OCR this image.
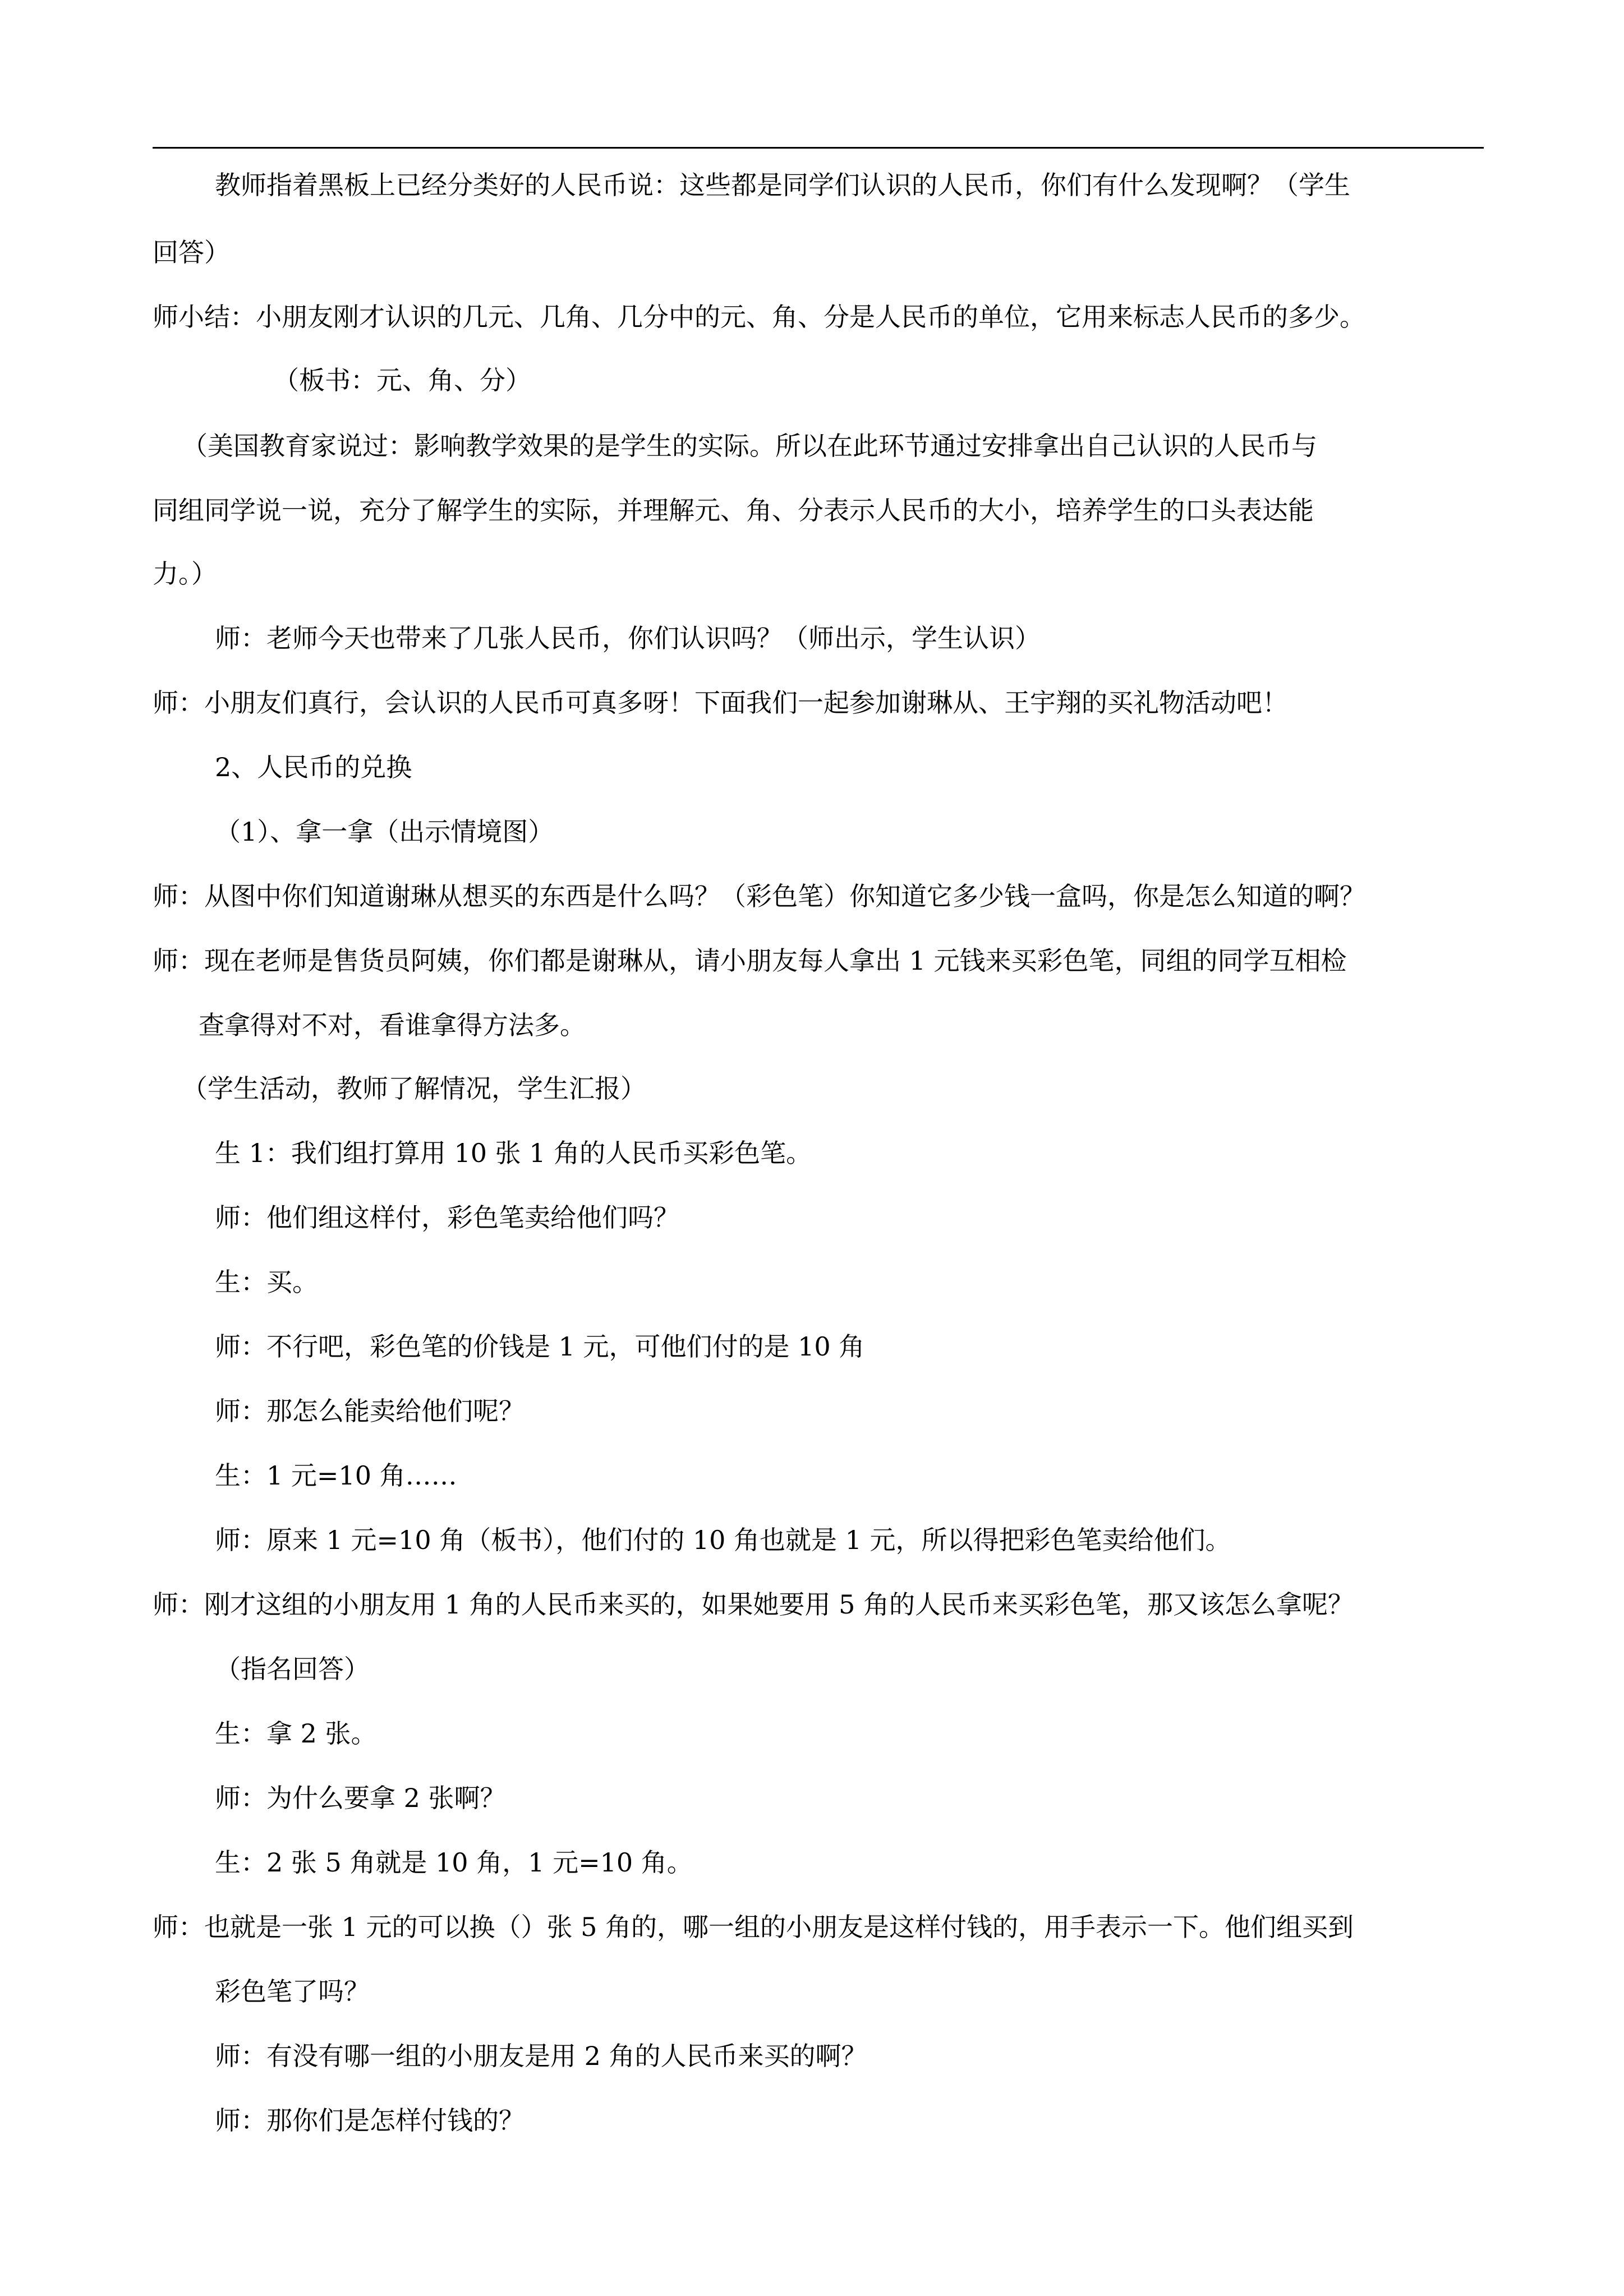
教师指着黑板上已经分类好的人民币说：这些都是同学们认识的人民币，你们有什么发现啊？（学生
回答）
师小结：小朋友刚才认识的几元、几角、几分中的元、角、分是人民币的单位，它用来标志人民币的多少。
（板书：元、角、分）
（美国教育家说过：影响教学效果的是学生的实际。所以在此环节通过安排拿出自己认识的人民币与
同组同学说一说，充分了解学生的实际，并理解元、角、分表示人民币的大小，培养学生的口头表达能
力。）
师：老师今天也带来了几张人民币，你们认识吗？（师出示，学生认识）
师：小朋友们真行，会认识的人民币可真多呀！下面我们一起参加谢琳从、王宇翔的买礼物活动吧！
2、人民币的兑换
（1）、拿一拿（出示情境图）
师：从图中你们知道谢琳从想买的东西是什么吗？（彩色笔）你知道它多少钱一盒吗，你是怎么知道的啊？
师：现在老师是售货员阿姨，你们都是谢琳从，请小朋友每人拿出 1 元钱来买彩色笔，同组的同学互相检
查拿得对不对，看谁拿得方法多。
（学生活动，教师了解情况，学生汇报）
生 1：我们组打算用 10 张 1 角的人民币买彩色笔。
师：他们组这样付，彩色笔卖给他们吗？
生：买。
师：不行吧，彩色笔的价钱是 1 元，可他们付的是 10 角
师：那怎么能卖给他们呢？
生：1 元=10 角……
师：原来 1 元=10 角（板书），他们付的 10 角也就是 1 元，所以得把彩色笔卖给他们。
师：刚才这组的小朋友用 1 角的人民币来买的，如果她要用 5 角的人民币来买彩色笔，那又该怎么拿呢？
（指名回答）
生：拿 2 张。
师：为什么要拿 2 张啊？
生：2 张 5 角就是 10 角，1 元=10 角。
师：也就是一张 1 元的可以换（）张 5 角的，哪一组的小朋友是这样付钱的，用手表示一下。他们组买到
彩色笔了吗？
师：有没有哪一组的小朋友是用 2 角的人民币来买的啊？
师：那你们是怎样付钱的？
